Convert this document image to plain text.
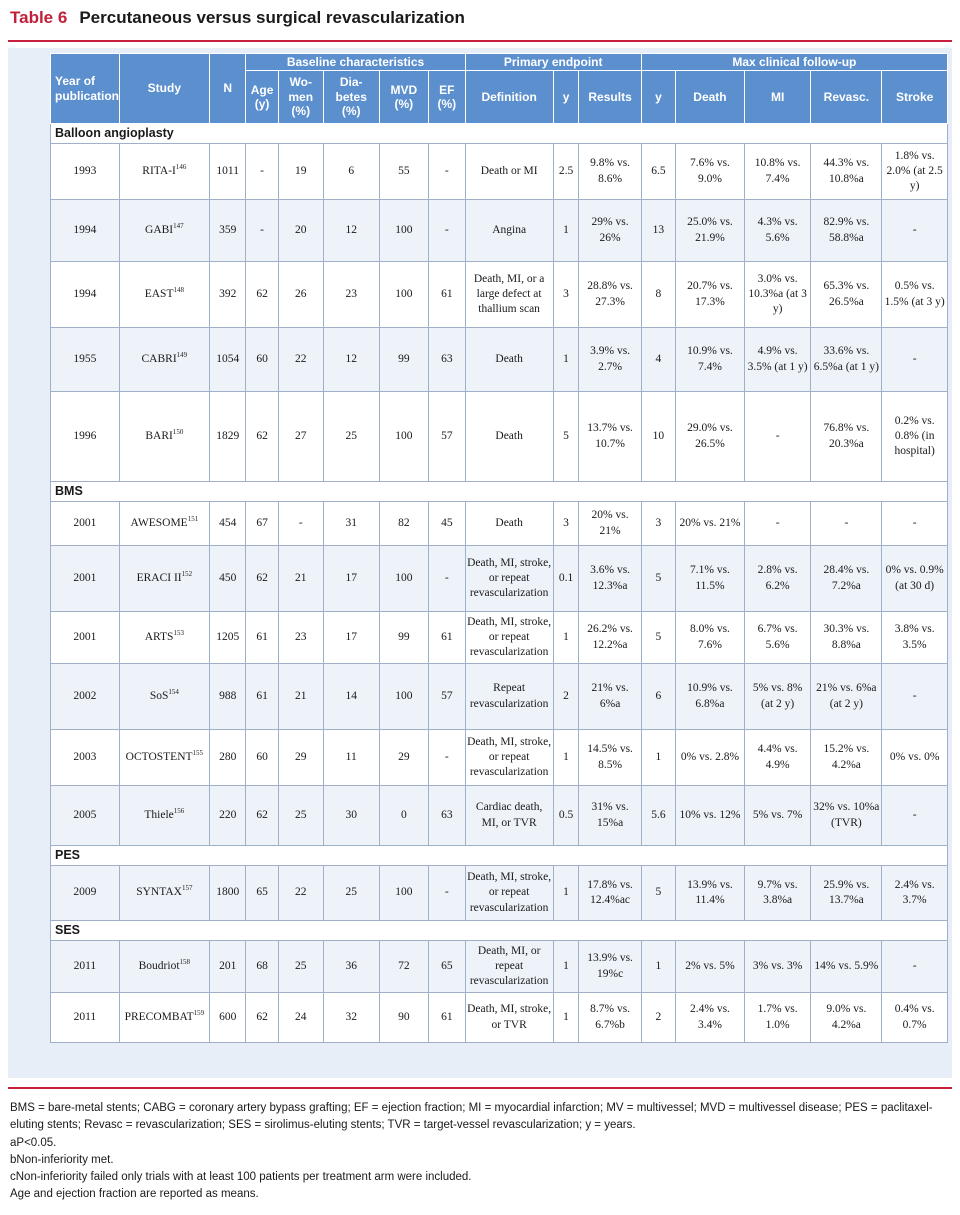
Table 6 Percutaneous versus surgical revascularization
Year of publication	Study	N	Baseline characteristics					Primary endpoint			Max clinical follow-up				
			Age (y)	Wo- men (%)	Dia- betes (%)	MVD (%)	EF (%)	Definition	y	Results	y	Death	MI	Revasc.	Stroke
Balloon angioplasty															
1993	RITA-$I^{146}$	1011	-	19	6	55	-	Death or MI	2.5	9.8% vs. 8.6%	6.5	7.6% vs. 9.0%	10.8% vs. 7.4%	44.3% vs. 10.8%a	1.8% vs. 2.0% (at 2.5 y)
1994	GABI$^{147}$	359	-	20	12	100	-	Angina	1	29% vs. 26%	13	25.0% vs. 21.9%	4.3% vs. 5.6%	82.9% vs. 58.8%a	-
1994	EAST$^{148}$	392	62	26	23	100	61	Death, MI, or a large defect at thallium scan	3	28.8% vs. 27.3%	8	20.7% vs. 17.3%	3.0% vs. 10.3%a (at 3 y)	65.3% vs. 26.5%a	0.5% vs. 1.5% (at 3 y)
1955	CABRI$^{149}$	1054	60	22	12	99	63	Death	1	3.9% vs. 2.7%	4	10.9% vs. 7.4%	4.9% vs. 3.5% (at 1 y)	33.6% vs. 6.5%a (at 1 y)	-
1996	BARI$^{150}$	1829	62	27	25	100	57	Death	5	13.7% vs. 10.7%	10	29.0% vs. 26.5%	-	76.8% vs. 20.3%a	0.2% vs. 0.8% (in hospital)
BMS															
2001	AWESOME$^{151}$	454	67	-	31	82	45	Death	3	20% vs. 21%	3	20% vs. 21%	-	-	-
2001	ERACI II$^{152}$	450	62	21	17	100	-	Death, MI, stroke, or repeat revascularization	0.1	3.6% vs. 12.3%a	5	7.1% vs. 11.5%	2.8% vs. 6.2%	28.4% vs. 7.2%a	0% vs. 0.9% (at 30 d)
2001	ARTS$^{153}$	1205	61	23	17	99	61	Death, MI, stroke, or repeat revascularization	1	26.2% vs. 12.2%a	5	8.0% vs. 7.6%	6.7% vs. 5.6%	30.3% vs. 8.8%a	3.8% vs. 3.5%
2002	SoS$^{154}$	988	61	21	14	100	57	Repeat revascularization	2	21% vs. 6%a	6	10.9% vs. 6.8%a	5% vs. 8% (at 2 y)	21% vs. 6%a (at 2 y)	-
2003	OCTOSTENT$^{155}$	280	60	29	11	29	-	Death, MI, stroke, or repeat revascularization	1	14.5% vs. 8.5%	1	0% vs. 2.8%	4.4% vs. 4.9%	15.2% vs. 4.2%a	0% vs. 0%
2005	Thiele$^{156}$	220	62	25	30	0	63	Cardiac death, MI, or TVR	0.5	31% vs. 15%a	5.6	10% vs. 12%	5% vs. 7%	32% vs. 10%a (TVR)	-
PES															
2009	SYNTAX$^{157}$	1800	65	22	25	100	-	Death, MI, stroke, or repeat revascularization	1	17.8% vs. 12.4%ac	5	13.9% vs. 11.4%	9.7% vs. 3.8%a	25.9% vs. 13.7%a	2.4% vs. 3.7%
SES															
2011	Boudriot$^{158}$	201	68	25	36	72	65	Death, MI, or repeat revascularization	1	13.9% vs. 19%c	1	2% vs. 5%	3% vs. 3%	14% vs. 5.9%	-
2011	PRECOMBAT$^{159}$	600	62	24	32	90	61	Death, MI, stroke, or TVR	1	8.7% vs. 6.7%b	2	2.4% vs. 3.4%	1.7% vs. 1.0%	9.0% vs. 4.2%a	0.4% vs. 0.7%
BMS = bare-metal stents; CABG = coronary artery bypass grafting; EF = ejection fraction; MI = myocardial infarction; MV = multivessel; MVD = multivessel disease; PES = paclitaxel-eluting stents; Revasc = revascularization; SES = sirolimus-eluting stents; TVR = target-vessel revascularization; y = years.
aP<0.05.
bNon-inferiority met.
cNon-inferiority failed only trials with at least 100 patients per treatment arm were included.
Age and ejection fraction are reported as means.
